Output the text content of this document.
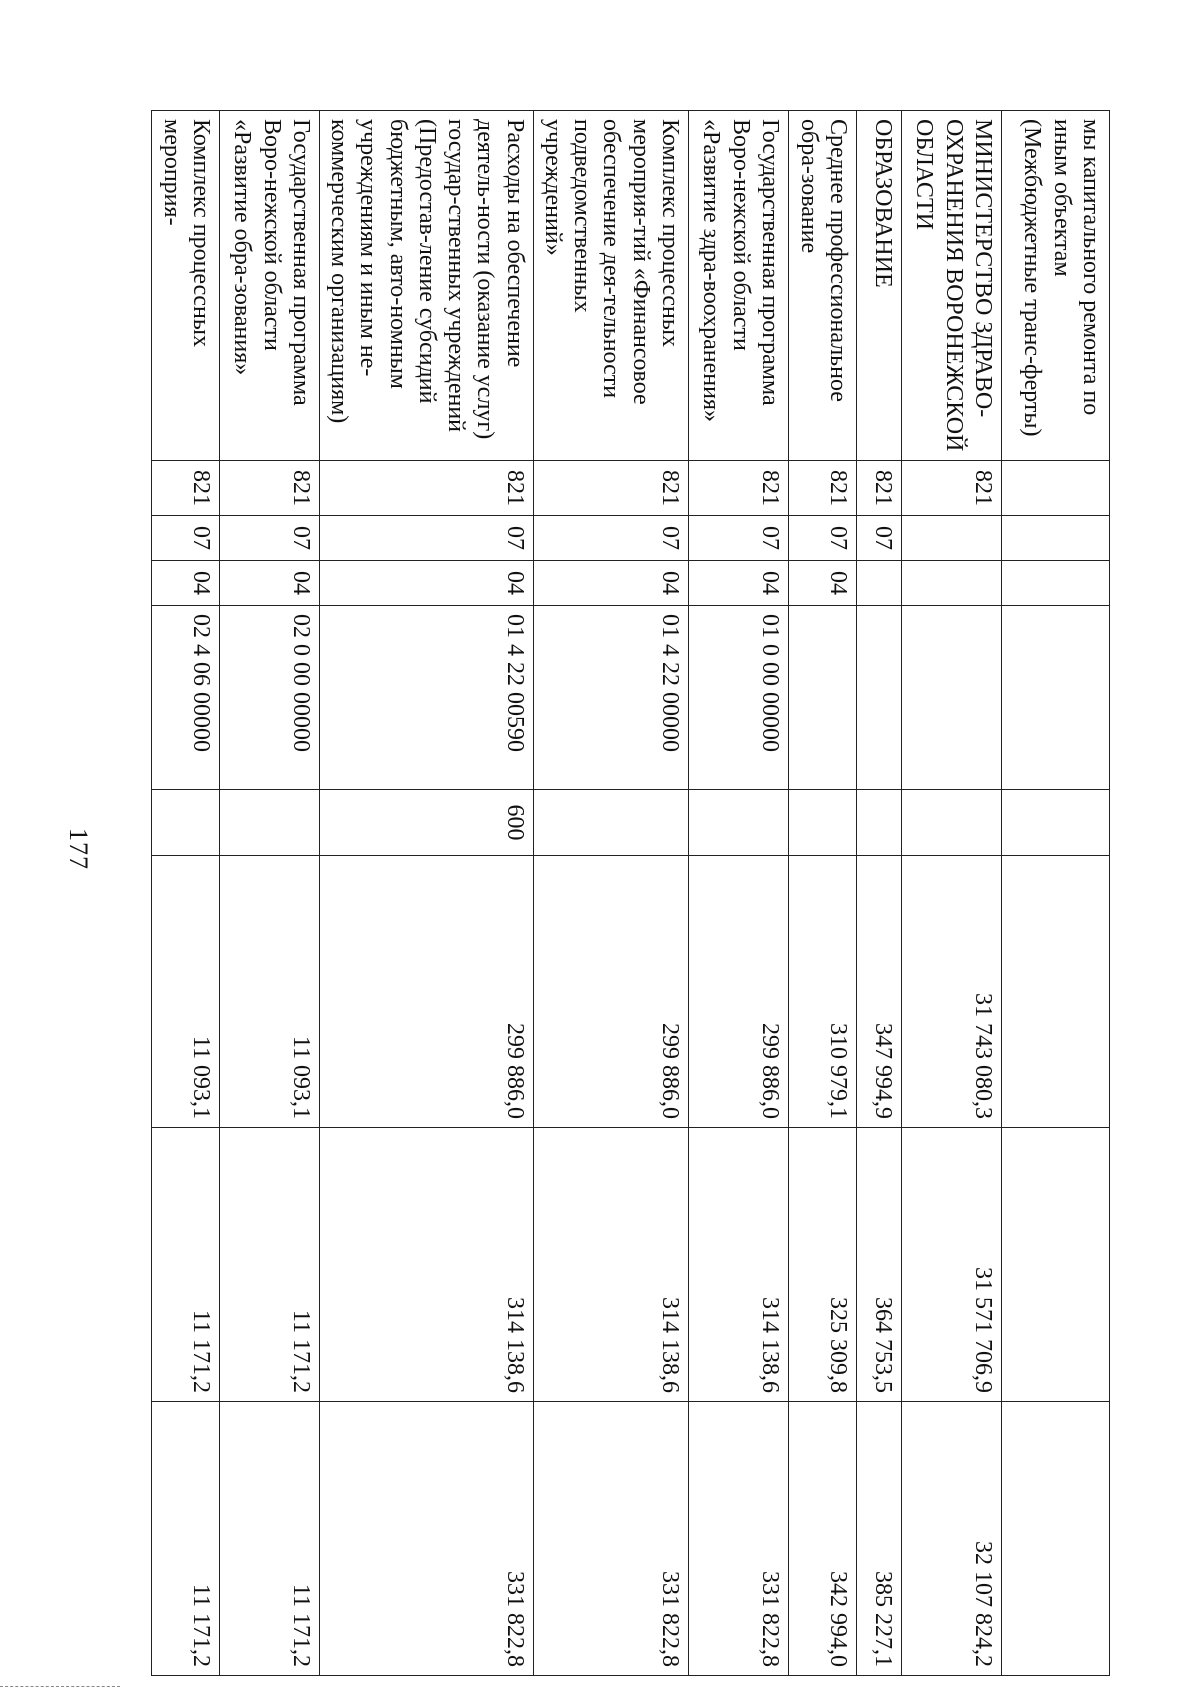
177
мы капитального ремонта по иным объектам (Межбюджетные транс-ферты)								
МИНИСТЕРСТВО ЗДРАВО-ОХРАНЕНИЯ ВОРОНЕЖСКОЙ ОБЛАСТИ	821					31 743 080,3	31 571 706,9	32 107 824,2
ОБРАЗОВАНИЕ	821	07				347 994,9	364 753,5	385 227,1
Среднее профессиональное обра-зование	821	07	04			310 979,1	325 309,8	342 994,0
Государственная программа Воро-нежской области «Развитие здра-воохранения»	821	07	04	01 0 00 00000		299 886,0	314 138,6	331 822,8
Комплекс процессных мероприя-тий «Финансовое обеспечение дея-тельности подведомственных учреждений»	821	07	04	01 4 22 00000		299 886,0	314 138,6	331 822,8
Расходы на обеспечение деятель-ности (оказание услуг) государ-ственных учреждений (Предостав-ление субсидий бюджетным, авто-номным учреждениям и иным не-коммерческим организациям)	821	07	04	01 4 22 00590	600	299 886,0	314 138,6	331 822,8
Государственная программа Воро-нежской области «Развитие обра-зования»	821	07	04	02 0 00 00000		11 093,1	11 171,2	11 171,2
Комплекс процессных мероприя-	821	07	04	02 4 06 00000		11 093,1	11 171,2	11 171,2
